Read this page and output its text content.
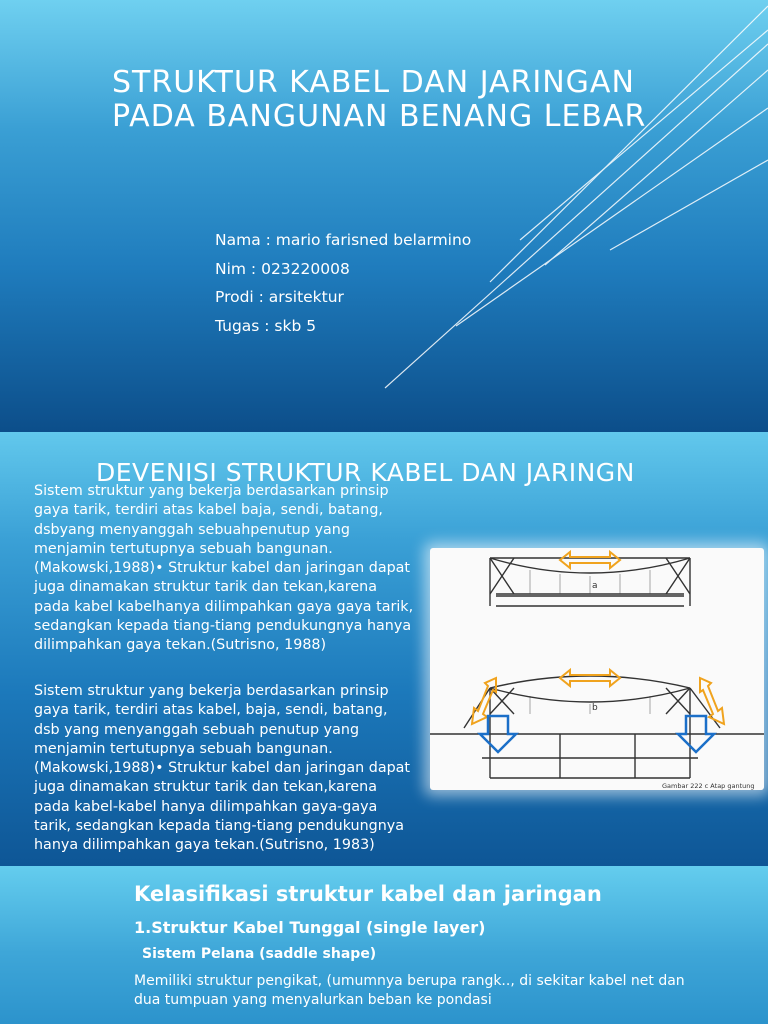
STRUKTUR KABEL DAN JARINGAN PADA BANGUNAN BENANG LEBAR
Nama : mario farisned belarmino
Nim : 023220008
Prodi : arsitektur
Tugas : skb 5
DEVENISI STRUKTUR KABEL DAN JARINGN
Sistem struktur yang bekerja berdasarkan prinsip gaya tarik, terdiri atas kabel baja, sendi, batang, dsbyang menyanggah sebuahpenutup yang menjamin tertutupnya sebuah bangunan.(Makowski,1988)• Struktur kabel dan jaringan dapat juga dinamakan struktur tarik dan tekan,karena pada kabel kabelhanya dilimpahkan gaya gaya tarik, sedangkan kepada tiang-tiang pendukungnya hanya dilimpahkan gaya tekan.(Sutrisno, 1988)
Sistem struktur yang bekerja berdasarkan prinsip gaya tarik, terdiri atas kabel, baja, sendi, batang, dsb yang menyanggah sebuah penutup yang menjamin tertutupnya sebuah bangunan.(Makowski,1988)• Struktur kabel dan jaringan dapat juga dinamakan struktur tarik dan tekan,karena pada kabel-kabel hanya dilimpahkan gaya-gaya tarik, sedangkan kepada tiang-tiang pendukungnya hanya dilimpahkan gaya tekan.(Sutrisno, 1983)
a
b
Gambar 222 c Atap gantung
Kelasifikasi struktur kabel dan jaringan
1.Struktur Kabel Tunggal (single layer)
Sistem Pelana (saddle shape)
Memiliki struktur pengikat, (umumnya berupa rangk.., di sekitar kabel net dan dua tumpuan yang menyalurkan beban ke pondasi
